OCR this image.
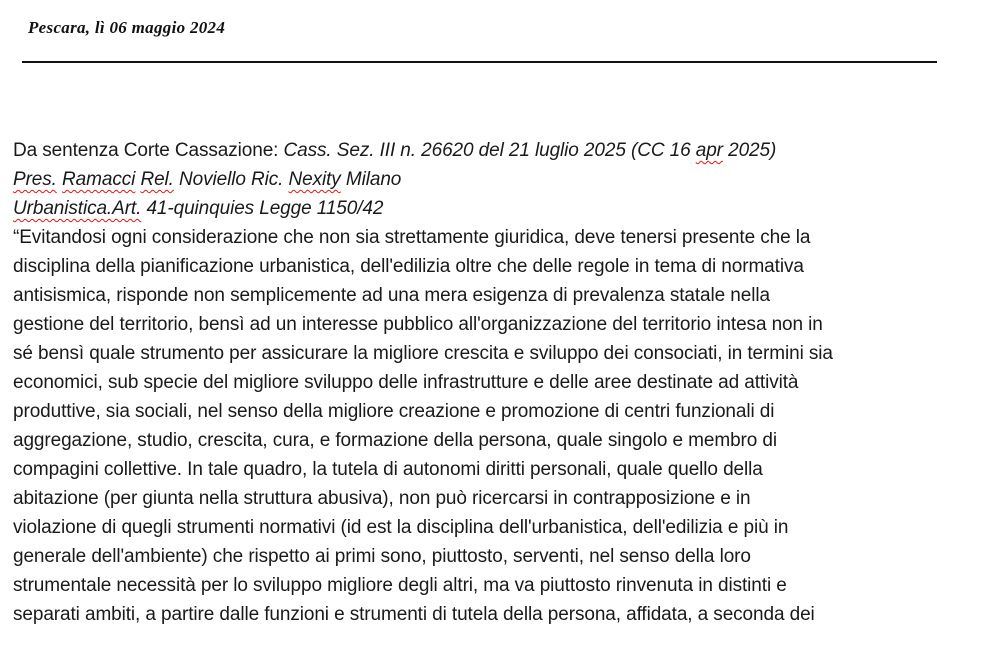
Pescara, lì 06 maggio 2024
Da sentenza Corte Cassazione: Cass. Sez. III n. 26620 del 21 luglio 2025 (CC 16 apr 2025)
Pres. Ramacci Rel. Noviello Ric. Nexity Milano
Urbanistica.Art. 41-quinquies Legge 1150/42
“Evitandosi ogni considerazione che non sia strettamente giuridica, deve tenersi presente che la
disciplina della pianificazione urbanistica, dell'edilizia oltre che delle regole in tema di normativa
antisismica, risponde non semplicemente ad una mera esigenza di prevalenza statale nella
gestione del territorio, bensì ad un interesse pubblico all'organizzazione del territorio intesa non in
sé bensì quale strumento per assicurare la migliore crescita e sviluppo dei consociati, in termini sia
economici, sub specie del migliore sviluppo delle infrastrutture e delle aree destinate ad attività
produttive, sia sociali, nel senso della migliore creazione e promozione di centri funzionali di
aggregazione, studio, crescita, cura, e formazione della persona, quale singolo e membro di
compagini collettive. In tale quadro, la tutela di autonomi diritti personali, quale quello della
abitazione (per giunta nella struttura abusiva), non può ricercarsi in contrapposizione e in
violazione di quegli strumenti normativi (id est la disciplina dell'urbanistica, dell'edilizia e più in
generale dell'ambiente) che rispetto ai primi sono, piuttosto, serventi, nel senso della loro
strumentale necessità per lo sviluppo migliore degli altri, ma va piuttosto rinvenuta in distinti e
separati ambiti, a partire dalle funzioni e strumenti di tutela della persona, affidata, a seconda dei
